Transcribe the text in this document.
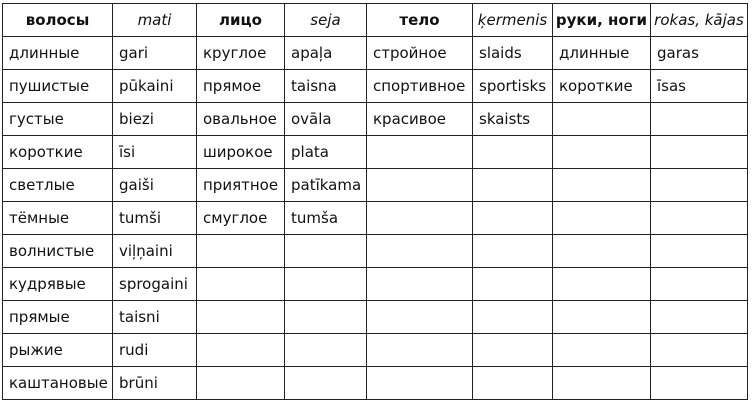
волосы	mati	лицо	seja	тело	ķermenis	руки, ноги	rokas, kājas
длинные	gari	круглое	apaļa	стройное	slaids	длинные	garas
пушистые	pūkaini	прямое	taisna	спортивное	sportisks	короткие	īsas
густые	biezi	овальное	ovāla	красивое	skaists		
короткие	īsi	широкое	plata				
светлые	gaiši	приятное	patīkama				
тёмные	tumši	смуглое	tumša				
волнистые	viļņaini						
кудрявые	sprogaini						
прямые	taisni						
рыжие	rudi						
каштановые	brūni						
